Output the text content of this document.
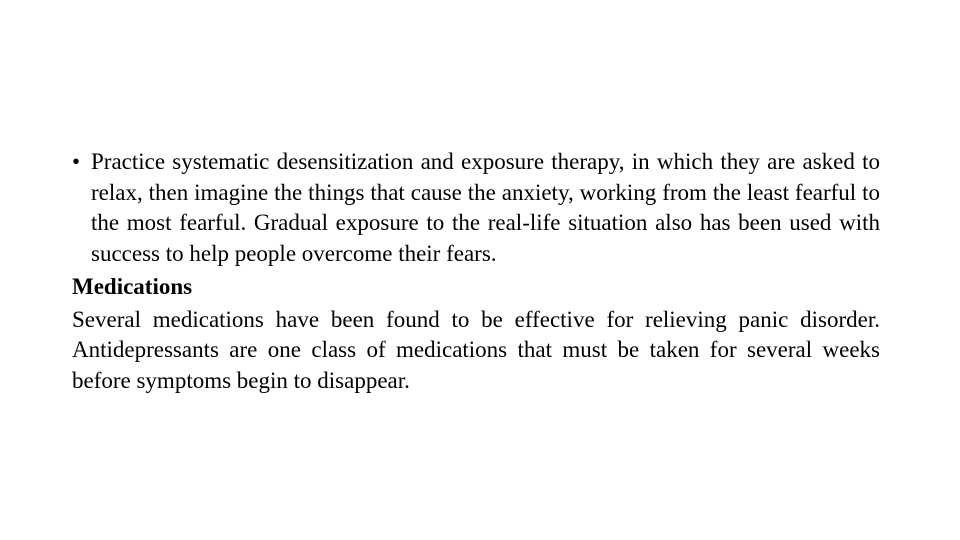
• Practice systematic desensitization and exposure therapy, in which they are asked to relax, then imagine the things that cause the anxiety, working from the least fearful to the most fearful. Gradual exposure to the real-life situation also has been used with success to help people overcome their fears.

Medications

Several medications have been found to be effective for relieving panic disorder. Antidepressants are one class of medications that must be taken for several weeks before symptoms begin to disappear.
